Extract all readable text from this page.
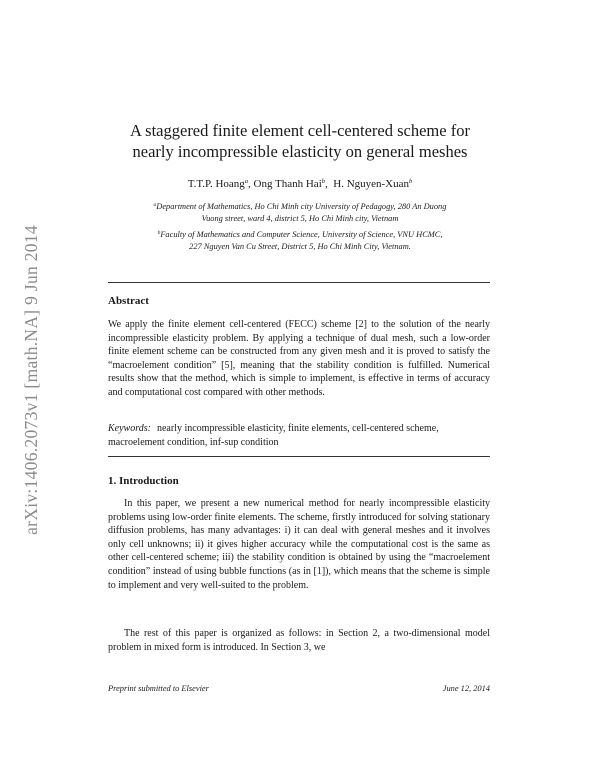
arXiv:1406.2073v1 [math.NA] 9 Jun 2014
A staggered finite element cell-centered scheme for
nearly incompressible elasticity on general meshes
T.T.P. Hoang$^a$, Ong Thanh Hai$^b$,  H. Nguyen-Xuan$^b$
$^a$Department of Mathematics, Ho Chi Minh city University of Pedagogy, 280 An Duong
Vuong street, ward 4, district 5, Ho Chi Minh city, Vietnam
$^b$Faculty of Mathematics and Computer Science, University of Science, VNU HCMC,
227 Nguyen Van Cu Street, District 5, Ho Chi Minh City, Vietnam.
Abstract
We apply the finite element cell-centered (FECC) scheme [2] to the solution of the nearly incompressible elasticity problem. By applying a technique of dual mesh, such a low-order finite element scheme can be constructed from any given mesh and it is proved to satisfy the “macroelement condition” [5], meaning that the stability condition is fulfilled. Numerical results show that the method, which is simple to implement, is effective in terms of accuracy and computational cost compared with other methods.
Keywords: nearly incompressible elasticity, finite elements, cell-centered scheme, macroelement condition, inf-sup condition
1. Introduction
In this paper, we present a new numerical method for nearly incompressible elasticity problems using low-order finite elements. The scheme, firstly introduced for solving stationary diffusion problems, has many advantages: i) it can deal with general meshes and it involves only cell unknowns; ii) it gives higher accuracy while the computational cost is the same as other cell-centered scheme; iii) the stability condition is obtained by using the “macroelement condition” instead of using bubble functions (as in [1]), which means that the scheme is simple to implement and very well-suited to the problem.
The rest of this paper is organized as follows: in Section 2, a two-dimensional model problem in mixed form is introduced. In Section 3, we
Preprint submitted to Elsevier	June 12, 2014
